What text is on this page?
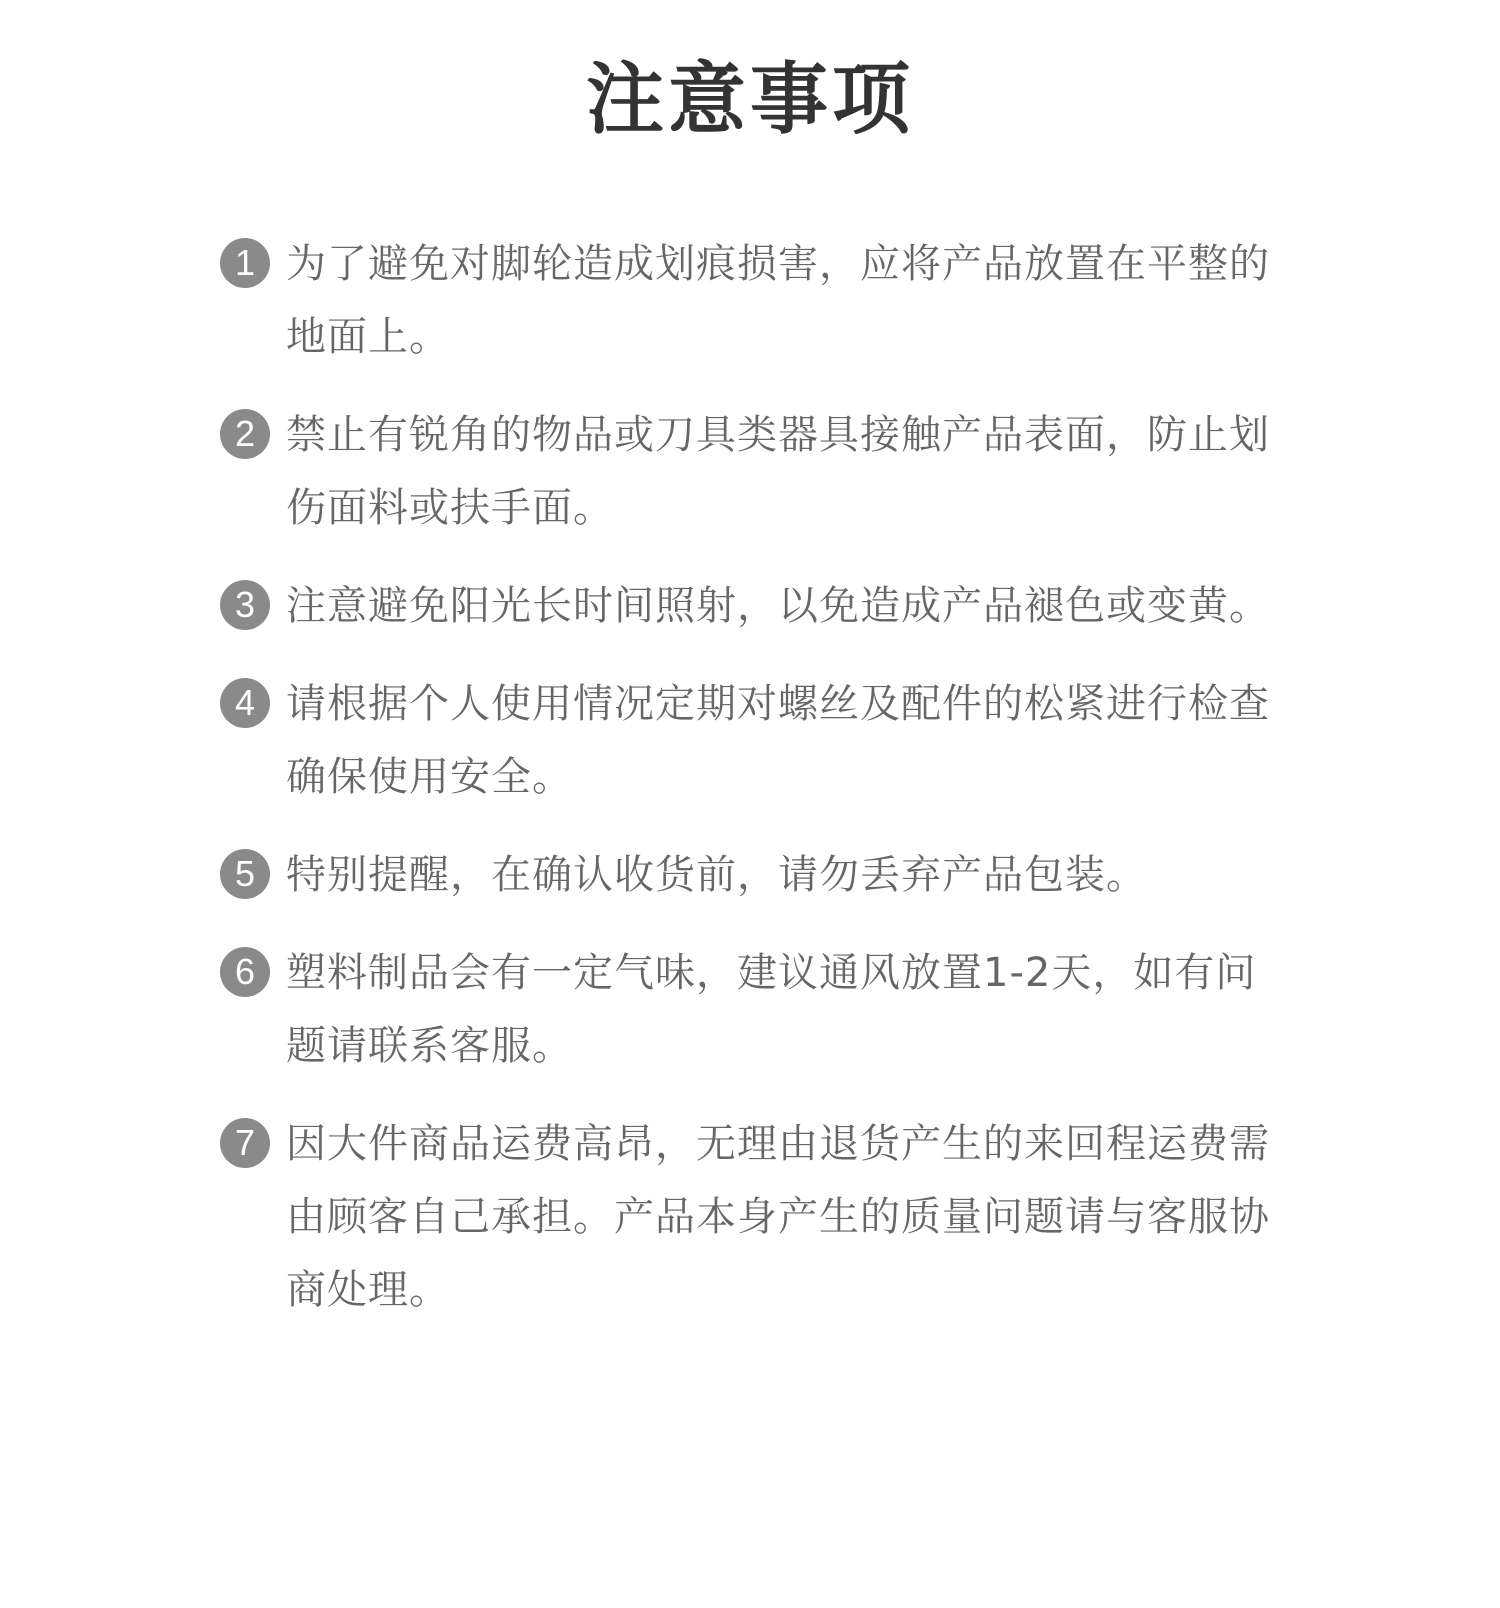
注意事项
1 为了避免对脚轮造成划痕损害，应将产品放置在平整的地面上。
2 禁止有锐角的物品或刀具类器具接触产品表面，防止划伤面料或扶手面。
3 注意避免阳光长时间照射，以免造成产品褪色或变黄。
4 请根据个人使用情况定期对螺丝及配件的松紧进行检查确保使用安全。
5 特别提醒，在确认收货前，请勿丢弃产品包装。
6 塑料制品会有一定气味，建议通风放置1-2天，如有问题请联系客服。
7 因大件商品运费高昂，无理由退货产生的来回程运费需由顾客自己承担。产品本身产生的质量问题请与客服协商处理。
